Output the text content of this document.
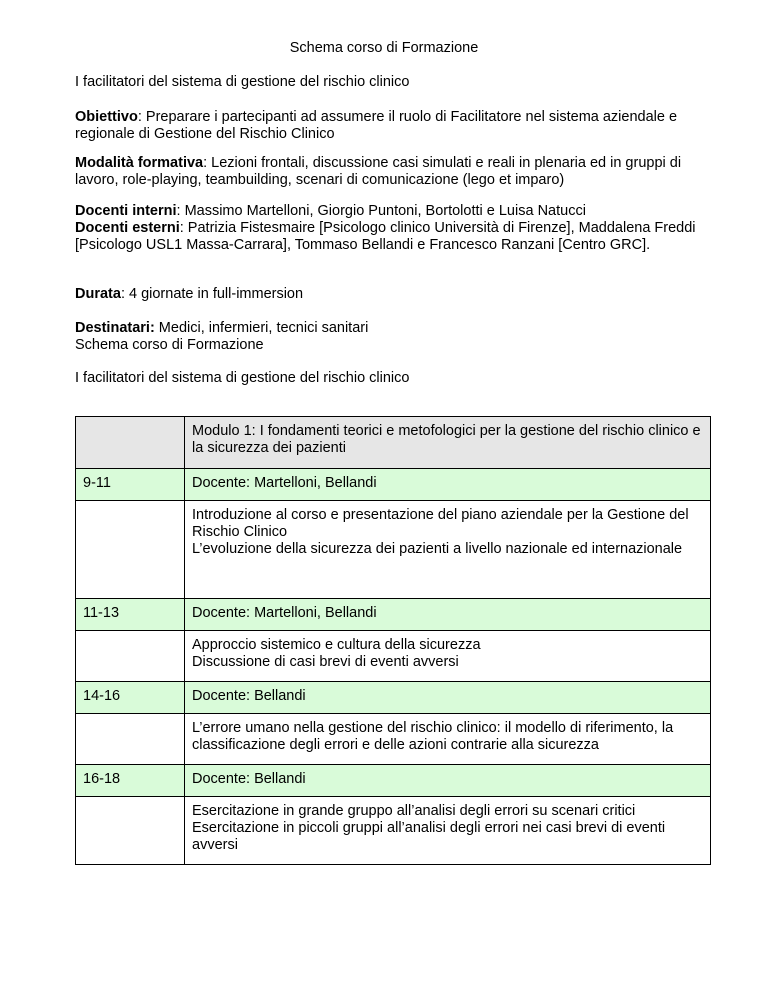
Schema corso di Formazione
I facilitatori del sistema di gestione del rischio clinico
Obiettivo: Preparare i partecipanti ad assumere il ruolo di Facilitatore nel sistema aziendale e regionale di Gestione del Rischio Clinico
Modalità formativa: Lezioni frontali, discussione casi simulati e reali in plenaria ed in gruppi di lavoro, role-playing, teambuilding, scenari di comunicazione (lego et imparo)
Docenti interni: Massimo Martelloni, Giorgio Puntoni, Bortolotti e Luisa Natucci
Docenti esterni: Patrizia Fistesmaire [Psicologo clinico Università di Firenze], Maddalena Freddi [Psicologo USL1 Massa-Carrara], Tommaso Bellandi e Francesco Ranzani [Centro GRC].
Durata: 4 giornate in full-immersion
Destinatari: Medici, infermieri, tecnici sanitari
Schema corso di Formazione
I facilitatori del sistema di gestione del rischio clinico
	Modulo 1: I fondamenti teorici e metofologici per la gestione del rischio clinico e la sicurezza dei pazienti
9-11	Docente: Martelloni, Bellandi

	Introduzione al corso e presentazione del piano aziendale per la Gestione del Rischio Clinico
L’evoluzione della sicurezza dei pazienti a livello nazionale ed internazionale

11-13	Docente: Martelloni, Bellandi

	Approccio sistemico e cultura della sicurezza
Discussione di casi brevi di eventi avversi

14-16	Docente: Bellandi

	L’errore umano nella gestione del rischio clinico: il modello di riferimento, la classificazione degli errori e delle azioni contrarie alla sicurezza

16-18	Docente: Bellandi

	Esercitazione in grande gruppo all’analisi degli errori su scenari critici
Esercitazione in piccoli gruppi all’analisi degli errori nei casi brevi di eventi avversi
